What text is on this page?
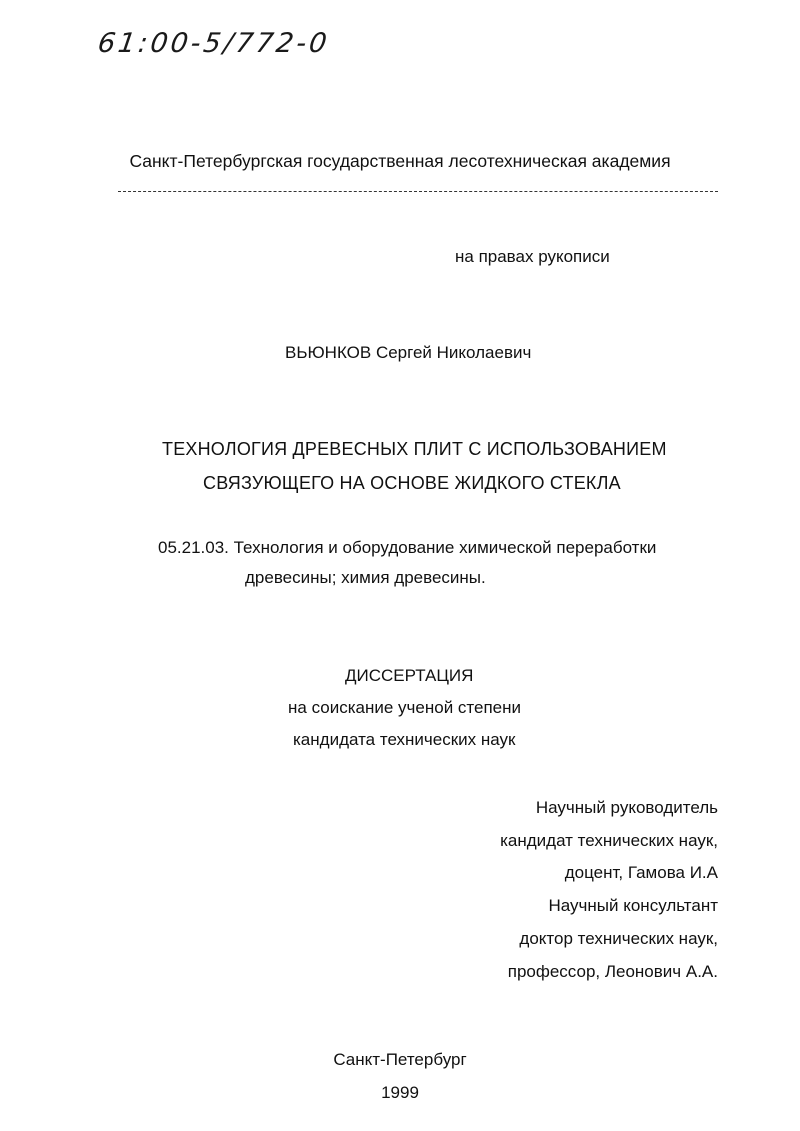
61:00-5/772-0
Санкт-Петербургская государственная лесотехническая академия
на правах рукописи
ВЬЮНКОВ Сергей Николаевич
ТЕХНОЛОГИЯ ДРЕВЕСНЫХ ПЛИТ С ИСПОЛЬЗОВАНИЕМ
СВЯЗУЮЩЕГО НА ОСНОВЕ ЖИДКОГО СТЕКЛА
05.21.03. Технология и оборудование химической переработки
древесины; химия древесины.
ДИССЕРТАЦИЯ
на соискание ученой степени
кандидата технических наук
Научный руководитель
кандидат технических наук,
доцент, Гамова И.А
Научный консультант
доктор технических наук,
профессор, Леонович А.А.
Санкт-Петербург
1999
